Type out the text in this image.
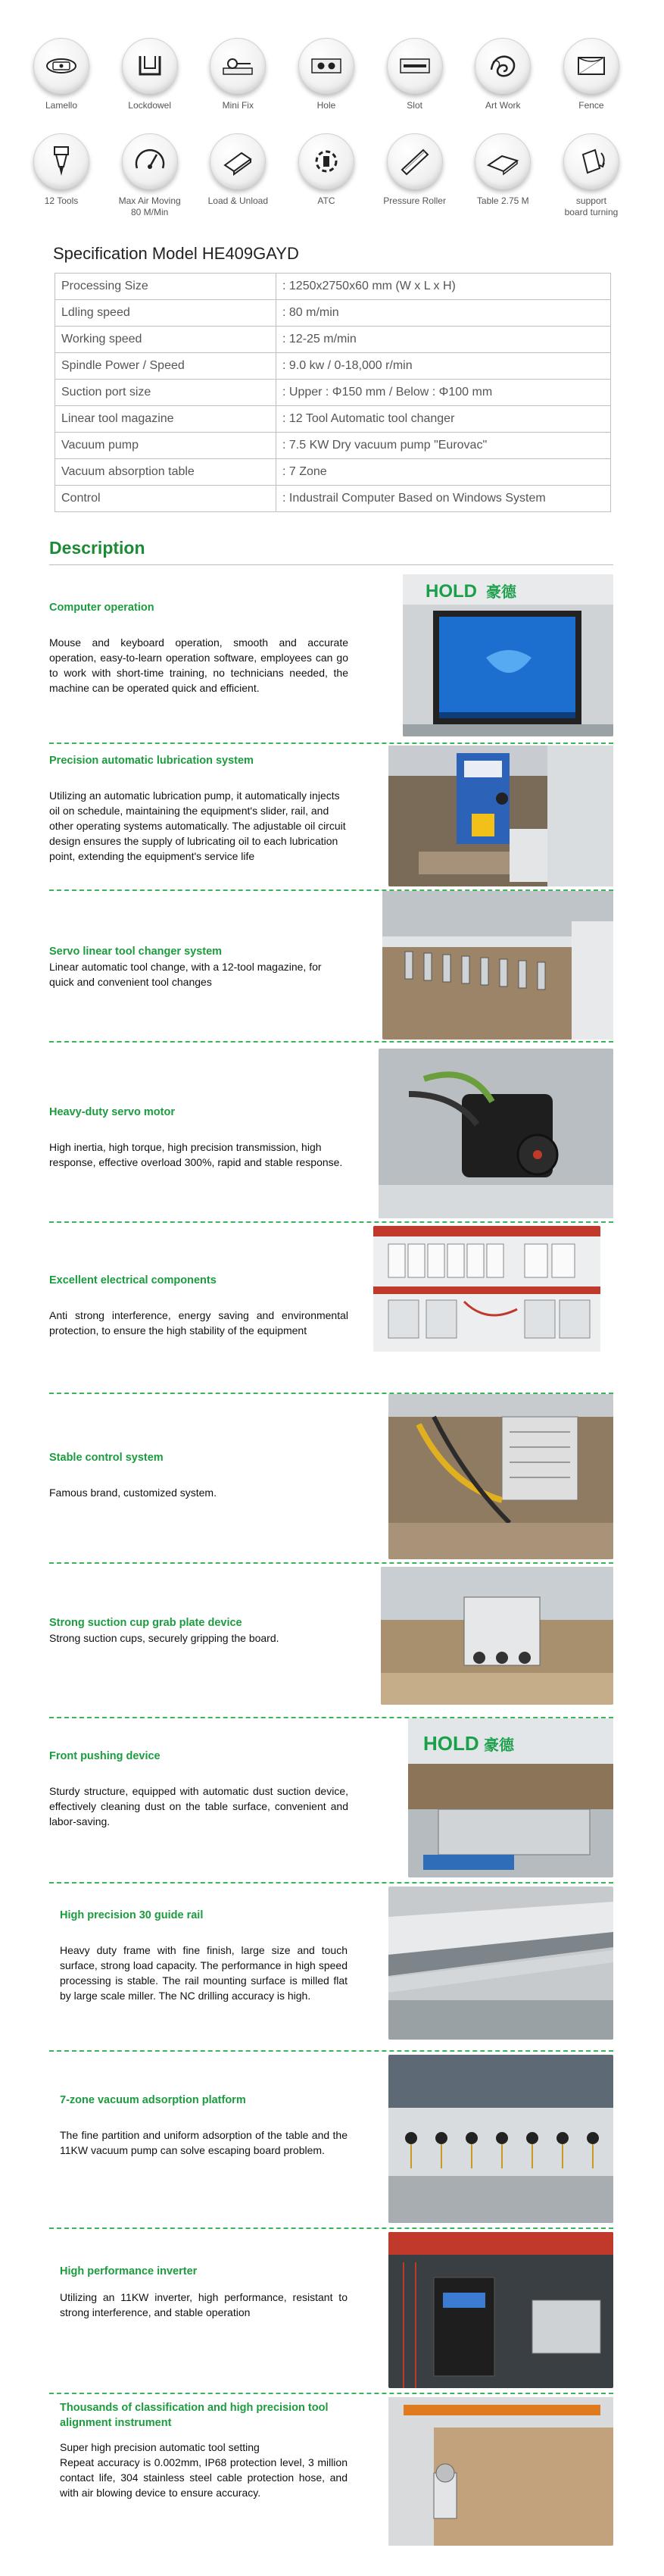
Lamello	Lockdowel	Mini Fix	Hole	Slot	Art Work	Fence
12 Tools	Max Air Moving
80 M/Min
Load & Unload	ATC	Pressure Roller	Table 2.75 M	support
board turning
Specification Model HE409GAYD
Processing Size	: 1250x2750x60 mm (W x L x H)
Ldling speed	: 80 m/min
Working speed	: 12-25 m/min
Spindle Power / Speed	: 9.0 kw / 0-18,000 r/min
Suction port size	: Upper : Φ150 mm / Below : Φ100 mm
Linear tool magazine	: 12 Tool Automatic tool changer
Vacuum pump	: 7.5 KW Dry vacuum pump "Eurovac"
Vacuum absorption table	: 7 Zone
Control	: Industrail Computer Based on Windows System
Description
Computer operation
Mouse and keyboard operation, smooth and accurate operation, easy-to-learn operation software, employees can go to work with short-time training, no technicians needed, the machine can be operated quick and efficient.
HOLD 豪德
Precision automatic lubrication system
Utilizing an automatic lubrication pump, it automatically injects oil on schedule, maintaining the equipment's slider, rail, and other operating systems automatically. The adjustable oil circuit design ensures the supply of lubricating oil to each lubrication point, extending the equipment's service life
Servo linear tool changer system
Linear automatic tool change, with a 12-tool magazine, for quick and convenient tool changes
Heavy-duty servo motor
High inertia, high torque, high precision transmission, high response, effective overload 300%, rapid and stable response.
Excellent electrical components
Anti strong interference, energy saving and environmental protection, to ensure the high stability of the equipment
Stable control system
Famous brand, customized system.
Strong suction cup grab plate device
Strong suction cups, securely gripping the board.
Front pushing device
Sturdy structure, equipped with automatic dust suction device, effectively cleaning dust on the table surface, convenient and labor-saving.
HOLD 豪德
High precision 30 guide rail
Heavy duty frame with fine finish, large size and touch surface, strong load capacity. The performance in high speed processing is stable. The rail mounting surface is milled flat by large scale miller. The NC drilling accuracy is high.
7-zone vacuum adsorption platform
The fine partition and uniform adsorption of the table and the 11KW vacuum pump can solve escaping board problem.
High performance inverter
Utilizing an 11KW inverter, high performance, resistant to strong interference, and stable operation
Thousands of classification and high precision tool alignment instrument
Super high precision automatic tool setting
Repeat accuracy is 0.002mm, IP68 protection level, 3 million contact life, 304 stainless steel cable protection hose, and with air blowing device to ensure accuracy.
